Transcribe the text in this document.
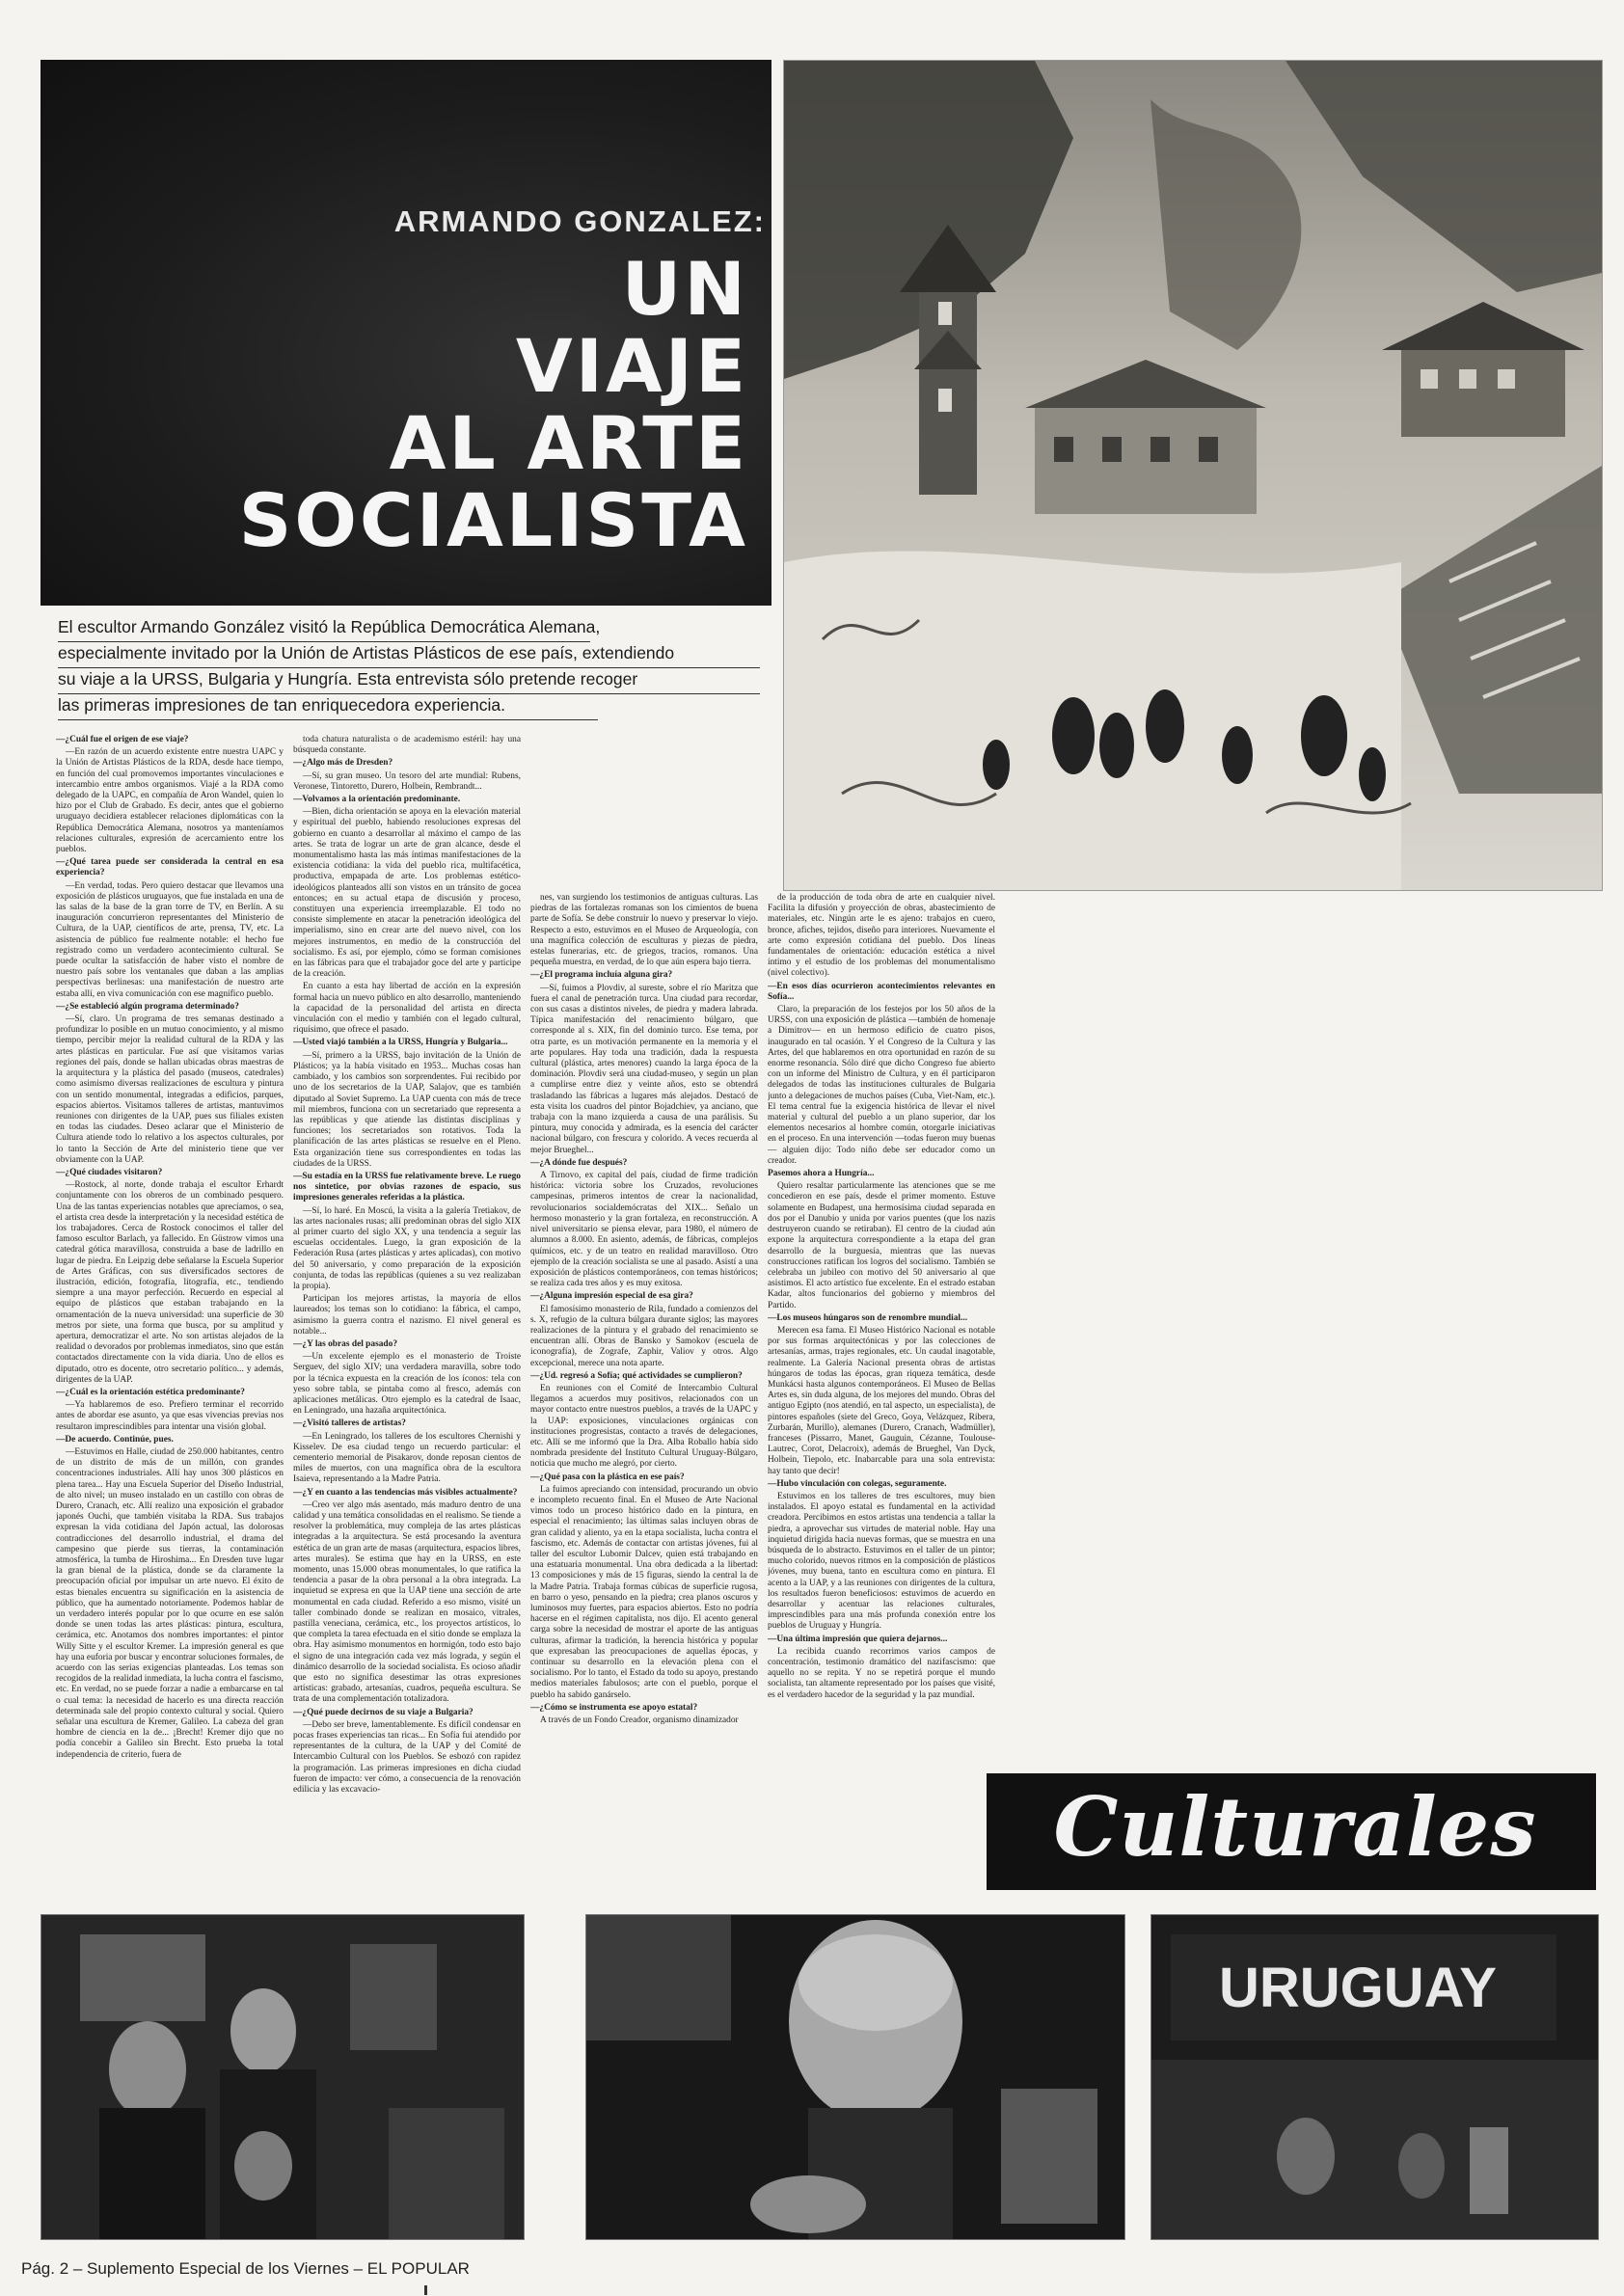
ARMANDO GONZALEZ:
UN
VIAJE
AL ARTE
SOCIALISTA
El escultor Armando González visitó la República Democrática Alemana,
especialmente invitado por la Unión de Artistas Plásticos de ese país, extendiendo
su viaje a la URSS, Bulgaria y Hungría. Esta entrevista sólo pretende recoger
las primeras impresiones de tan enriquecedora experiencia.

—¿Cuál fue el origen de ese viaje?

—En razón de un acuerdo existente entre nuestra UAPC y la Unión de Artistas Plásticos de la RDA, desde hace tiempo, en función del cual promovemos importantes vinculaciones e intercambio entre ambos organismos. Viajé a la RDA como delegado de la UAPC, en compañía de Aron Wandel, quien lo hizo por el Club de Grabado. Es decir, antes que el gobierno uruguayo decidiera establecer relaciones diplomáticas con la República Democrática Alemana, nosotros ya manteníamos relaciones culturales, expresión de acercamiento entre los pueblos.

—¿Qué tarea puede ser considerada la central en esa experiencia?

—En verdad, todas. Pero quiero destacar que llevamos una exposición de plásticos uruguayos, que fue instalada en una de las salas de la base de la gran torre de TV, en Berlín. A su inauguración concurrieron representantes del Ministerio de Cultura, de la UAP, científicos de arte, prensa, TV, etc. La asistencia de público fue realmente notable: el hecho fue registrado como un verdadero acontecimiento cultural. Se puede ocultar la satisfacción de haber visto el nombre de nuestro país sobre los ventanales que daban a las amplias perspectivas berlinesas: una manifestación de nuestro arte estaba allí, en viva comunicación con ese magnífico pueblo.

—¿Se estableció algún programa determinado?

—Sí, claro. Un programa de tres semanas destinado a profundizar lo posible en un mutuo conocimiento, y al mismo tiempo, percibir mejor la realidad cultural de la RDA y las artes plásticas en particular. Fue así que visitamos varias regiones del país, donde se hallan ubicadas obras maestras de la arquitectura y la plástica del pasado (museos, catedrales) como asimismo diversas realizaciones de escultura y pintura con un sentido monumental, integradas a edificios, parques, espacios abiertos. Visitamos talleres de artistas, mantuvimos reuniones con dirigentes de la UAP, pues sus filiales existen en todas las ciudades. Deseo aclarar que el Ministerio de Cultura atiende todo lo relativo a los aspectos culturales, por lo tanto la Sección de Arte del ministerio tiene que ver obviamente con la UAP.

—¿Qué ciudades visitaron?

—Rostock, al norte, donde trabaja el escultor Erhardt conjuntamente con los obreros de un combinado pesquero. Una de las tantas experiencias notables que aprecíamos, o sea, el artista crea desde la interpretación y la necesidad estética de los trabajadores. Cerca de Rostock conocimos el taller del famoso escultor Barlach, ya fallecido. En Güstrow vimos una catedral gótica maravillosa, construida a base de ladrillo en lugar de piedra. En Leipzig debe señalarse la Escuela Superior de Artes Gráficas, con sus diversificados sectores de ilustración, edición, fotografía, litografía, etc., tendiendo siempre a una mayor perfección. Recuerdo en especial al equipo de plásticos que estaban trabajando en la ornamentación de la nueva universidad: una superficie de 30 metros por siete, una forma que busca, por su amplitud y apertura, democratizar el arte. No son artistas alejados de la realidad o devorados por problemas inmediatos, sino que están contactados directamente con la vida diaria. Uno de ellos es diputado, otro es docente, otro secretario político... y además, dirigentes de la UAP.

—¿Cuál es la orientación estética predominante?

—Ya hablaremos de eso. Prefiero terminar el recorrido antes de abordar ese asunto, ya que esas vivencias previas nos resultaron imprescindibles para intentar una visión global.

—De acuerdo. Continúe, pues.

—Estuvimos en Halle, ciudad de 250.000 habitantes, centro de un distrito de más de un millón, con grandes concentraciones industriales. Allí hay unos 300 plásticos en plena tarea... Hay una Escuela Superior del Diseño Industrial, de alto nivel; un museo instalado en un castillo con obras de Durero, Cranach, etc. Allí realizo una exposición el grabador japonés Ouchi, que también visitaba la RDA. Sus trabajos expresan la vida cotidiana del Japón actual, las dolorosas contradicciones del desarrollo industrial, el drama del campesino que pierde sus tierras, la contaminación atmosférica, la tumba de Hiroshima... En Dresden tuve lugar la gran bienal de la plástica, donde se da claramente la preocupación oficial por impulsar un arte nuevo. El éxito de estas bienales encuentra su significación en la asistencia de público, que ha aumentado notoriamente. Podemos hablar de un verdadero interés popular por lo que ocurre en ese salón donde se unen todas las artes plásticas: pintura, escultura, cerámica, etc. Anotamos dos nombres importantes: el pintor Willy Sitte y el escultor Kremer. La impresión general es que hay una euforia por buscar y encontrar soluciones formales, de acuerdo con las serias exigencias planteadas. Los temas son recogidos de la realidad inmediata, la lucha contra el fascismo, etc. En verdad, no se puede forzar a nadie a embarcarse en tal o cual tema: la necesidad de hacerlo es una directa reacción determinada sale del propio contexto cultural y social. Quiero señalar una escultura de Kremer, Galileo. La cabeza del gran hombre de ciencia en la de... ¡Brecht! Kremer dijo que no podía concebir a Galileo sin Brecht. Esto prueba la total independencia de criterio, fuera de

toda chatura naturalista o de academismo estéril: hay una búsqueda constante.

—¿Algo más de Dresden?

—Sí, su gran museo. Un tesoro del arte mundial: Rubens, Veronese, Tintoretto, Durero, Holbein, Rembrandt...

—Volvamos a la orientación predominante.

—Bien, dicha orientación se apoya en la elevación material y espiritual del pueblo, habiendo resoluciones expresas del gobierno en cuanto a desarrollar al máximo el campo de las artes. Se trata de lograr un arte de gran alcance, desde el monumentalismo hasta las más íntimas manifestaciones de la existencia cotidiana: la vida del pueblo rica, multifacética, productiva, empapada de arte. Los problemas estético-ideológicos planteados allí son vistos en un tránsito de gocea entonces; en su actual etapa de discusión y proceso, constituyen una experiencia irreemplazable. El todo no consiste simplemente en atacar la penetración ideológica del imperialismo, sino en crear arte del nuevo nivel, con los mejores instrumentos, en medio de la construcción del socialismo. Es así, por ejemplo, cómo se forman comisiones en las fábricas para que el trabajador goce del arte y participe de la creación.

En cuanto a esta hay libertad de acción en la expresión formal hacia un nuevo público en alto desarrollo, manteniendo la capacidad de la personalidad del artista en directa vinculación con el medio y también con el legado cultural, riquísimo, que ofrece el pasado.

—Usted viajó también a la URSS, Hungría y Bulgaria...

—Sí, primero a la URSS, bajo invitación de la Unión de Plásticos; ya la había visitado en 1953... Muchas cosas han cambiado, y los cambios son sorprendentes. Fui recibido por uno de los secretarios de la UAP, Salajov, que es también diputado al Soviet Supremo. La UAP cuenta con más de trece mil miembros, funciona con un secretariado que representa a las repúblicas y que atiende las distintas disciplinas y funciones; los secretariados son rotativos. Toda la planificación de las artes plásticas se resuelve en el Pleno. Esta organización tiene sus correspondientes en todas las ciudades de la URSS.

—Su estadía en la URSS fue relativamente breve. Le ruego nos sintetice, por obvias razones de espacio, sus impresiones generales referidas a la plástica.

—Sí, lo haré. En Moscú, la visita a la galería Tretiakov, de las artes nacionales rusas; allí predominan obras del siglo XIX al primer cuarto del siglo XX, y una tendencia a seguir las escuelas occidentales. Luego, la gran exposición de la Federación Rusa (artes plásticas y artes aplicadas), con motivo del 50 aniversario, y como preparación de la exposición conjunta, de todas las repúblicas (quienes a su vez realizaban la propia).

Participan los mejores artistas, la mayoría de ellos laureados; los temas son lo cotidiano: la fábrica, el campo, asimismo la guerra contra el nazismo. El nivel general es notable...

—¿Y las obras del pasado?

—Un excelente ejemplo es el monasterio de Troiste Serguev, del siglo XIV; una verdadera maravilla, sobre todo por la técnica expuesta en la creación de los íconos: tela con yeso sobre tabla, se pintaba como al fresco, además con aplicaciones metálicas. Otro ejemplo es la catedral de Isaac, en Leningrado, una hazaña arquitectónica.

—¿Visitó talleres de artistas?

—En Leningrado, los talleres de los escultores Chernishi y Kisselev. De esa ciudad tengo un recuerdo particular: el cementerio memorial de Pisakarov, donde reposan cientos de miles de muertos, con una magnífica obra de la escultora Isaieva, representando a la Madre Patria.

—¿Y en cuanto a las tendencias más visibles actualmente?

—Creo ver algo más asentado, más maduro dentro de una calidad y una temática consolidadas en el realismo. Se tiende a resolver la problemática, muy compleja de las artes plásticas integradas a la arquitectura. Se está procesando la aventura estética de un gran arte de masas (arquitectura, espacios libres, artes murales). Se estima que hay en la URSS, en este momento, unas 15.000 obras monumentales, lo que ratifica la tendencia a pasar de la obra personal a la obra integrada. La inquietud se expresa en que la UAP tiene una sección de arte monumental en cada ciudad. Referido a eso mismo, visité un taller combinado donde se realizan en mosaico, vitrales, pastilla veneciana, cerámica, etc., los proyectos artísticos, lo que completa la tarea efectuada en el sitio donde se emplaza la obra. Hay asimismo monumentos en hormigón, todo esto bajo el signo de una integración cada vez más lograda, y según el dinámico desarrollo de la sociedad socialista. Es ocioso añadir que esto no significa desestimar las otras expresiones artísticas: grabado, artesanías, cuadros, pequeña escultura. Se trata de una complementación totalizadora.

—¿Qué puede decirnos de su viaje a Bulgaria?

—Debo ser breve, lamentablemente. Es difícil condensar en pocas frases experiencias tan ricas... En Sofía fui atendido por representantes de la cultura, de la UAP y del Comité de Intercambio Cultural con los Pueblos. Se esbozó con rapidez la programación. Las primeras impresiones en dicha ciudad fueron de impacto: ver cómo, a consecuencia de la renovación edilicia y las excavacio-

nes, van surgiendo los testimonios de antiguas culturas. Las piedras de las fortalezas romanas son los cimientos de buena parte de Sofía. Se debe construir lo nuevo y preservar lo viejo. Respecto a esto, estuvimos en el Museo de Arqueología, con una magnífica colección de esculturas y piezas de piedra, estelas funerarias, etc. de griegos, tracios, romanos. Una pequeña muestra, en verdad, de lo que aún espera bajo tierra.

—¿El programa incluía alguna gira?

—Sí, fuimos a Plovdiv, al sureste, sobre el río Maritza que fuera el canal de penetración turca. Una ciudad para recordar, con sus casas a distintos niveles, de piedra y madera labrada. Típica manifestación del renacimiento búlgaro, que corresponde al s. XIX, fin del dominio turco. Ese tema, por otra parte, es un motivación permanente en la memoria y el arte populares. Hay toda una tradición, dada la respuesta cultural (plástica, artes menores) cuando la larga época de la dominación. Plovdiv será una ciudad-museo, y según un plan a cumplirse entre diez y veinte años, esto se obtendrá trasladando las fábricas a lugares más alejados. Destacó de esta visita los cuadros del pintor Bojadchiev, ya anciano, que trabaja con la mano izquierda a causa de una parálisis. Su pintura, muy conocida y admirada, es la esencia del carácter nacional búlgaro, con frescura y colorido. A veces recuerda al mejor Brueghel...

—¿A dónde fue después?

A Tirnovo, ex capital del país, ciudad de firme tradición histórica: victoria sobre los Cruzados, revoluciones campesinas, primeros intentos de crear la nacionalidad, revolucionarios socialdemócratas del XIX... Señalo un hermoso monasterio y la gran fortaleza, en reconstrucción. A nivel universitario se piensa elevar, para 1980, el número de alumnos a 8.000. En asiento, además, de fábricas, complejos químicos, etc. y de un teatro en realidad maravilloso. Otro ejemplo de la creación socialista se une al pasado. Asistí a una exposición de plásticos contemporáneos, con temas históricos; se realiza cada tres años y es muy exitosa.

—¿Alguna impresión especial de esa gira?

El famosísimo monasterio de Rila, fundado a comienzos del s. X, refugio de la cultura búlgara durante siglos; las mayores realizaciones de la pintura y el grabado del renacimiento se encuentran allí. Obras de Bansko y Samokov (escuela de iconografía), de Zografe, Zaphir, Valiov y otros. Algo excepcional, merece una nota aparte.

—¿Ud. regresó a Sofía; qué actividades se cumplieron?

En reuniones con el Comité de Intercambio Cultural llegamos a acuerdos muy positivos, relacionados con un mayor contacto entre nuestros pueblos, a través de la UAPC y la UAP: exposiciones, vinculaciones orgánicas con instituciones progresistas, contacto a través de delegaciones, etc. Allí se me informó que la Dra. Alba Roballo había sido nombrada presidente del Instituto Cultural Uruguay-Búlgaro, noticia que mucho me alegró, por cierto.

—¿Qué pasa con la plástica en ese país?

La fuimos apreciando con intensidad, procurando un obvio e incompleto recuento final. En el Museo de Arte Nacional vimos todo un proceso histórico dado en la pintura, en especial el renacimiento; las últimas salas incluyen obras de gran calidad y aliento, ya en la etapa socialista, lucha contra el fascismo, etc. Además de contactar con artistas jóvenes, fui al taller del escultor Lubomir Dalcev, quien está trabajando en una estatuaria monumental. Una obra dedicada a la libertad: 13 composiciones y más de 15 figuras, siendo la central la de la Madre Patria. Trabaja formas cúbicas de superficie rugosa, en barro o yeso, pensando en la piedra; crea planos oscuros y luminosos muy fuertes, para espacios abiertos. Esto no podría hacerse en el régimen capitalista, nos dijo. El acento general carga sobre la necesidad de mostrar el aporte de las antiguas culturas, afirmar la tradición, la herencia histórica y popular que expresaban las preocupaciones de aquellas épocas, y continuar su desarrollo en la elevación plena con el socialismo. Por lo tanto, el Estado da todo su apoyo, prestando medios materiales fabulosos; arte con el pueblo, porque el pueblo ha sabido ganárselo.

—¿Cómo se instrumenta ese apoyo estatal?

A través de un Fondo Creador, organismo dinamizador

de la producción de toda obra de arte en cualquier nivel. Facilita la difusión y proyección de obras, abastecimiento de materiales, etc. Ningún arte le es ajeno: trabajos en cuero, bronce, afiches, tejidos, diseño para interiores. Nuevamente el arte como expresión cotidiana del pueblo. Dos líneas fundamentales de orientación: educación estética a nivel íntimo y el estudio de los problemas del monumentalismo (nivel colectivo).

—En esos días ocurrieron acontecimientos relevantes en Sofía...

Claro, la preparación de los festejos por los 50 años de la URSS, con una exposición de plástica —también de homenaje a Dimitrov— en un hermoso edificio de cuatro pisos, inaugurado en tal ocasión. Y el Congreso de la Cultura y las Artes, del que hablaremos en otra oportunidad en razón de su enorme resonancia. Sólo diré que dicho Congreso fue abierto con un informe del Ministro de Cultura, y en él participaron delegados de todas las instituciones culturales de Bulgaria junto a delegaciones de muchos países (Cuba, Viet-Nam, etc.). El tema central fue la exigencia histórica de llevar el nivel material y cultural del pueblo a un plano superior, dar los elementos necesarios al hombre común, otorgarle iniciativas en el proceso. En una intervención —todas fueron muy buenas— alguien dijo: Todo niño debe ser educador como un creador.

Pasemos ahora a Hungría...

Quiero resaltar particularmente las atenciones que se me concedieron en ese país, desde el primer momento. Estuve solamente en Budapest, una hermosísima ciudad separada en dos por el Danubio y unida por varios puentes (que los nazis destruyeron cuando se retiraban). El centro de la ciudad aún expone la arquitectura correspondiente a la etapa del gran desarrollo de la burguesía, mientras que las nuevas construcciones ratifican los logros del socialismo. También se celebraba un jubileo con motivo del 50 aniversario al que asistimos. El acto artístico fue excelente. En el estrado estaban Kadar, altos funcionarios del gobierno y miembros del Partido.

—Los museos húngaros son de renombre mundial...

Merecen esa fama. El Museo Histórico Nacional es notable por sus formas arquitectónicas y por las colecciones de artesanías, armas, trajes regionales, etc. Un caudal inagotable, realmente. La Galería Nacional presenta obras de artistas húngaros de todas las épocas, gran riqueza temática, desde Munkácsi hasta algunos contemporáneos. El Museo de Bellas Artes es, sin duda alguna, de los mejores del mundo. Obras del antiguo Egipto (nos atendió, en tal aspecto, un especialista), de pintores españoles (siete del Greco, Goya, Velázquez, Ribera, Zurbarán, Murillo), alemanes (Durero, Cranach, Wadmüller), franceses (Pissarro, Manet, Gauguin, Cézanne, Toulouse-Lautrec, Corot, Delacroix), además de Brueghel, Van Dyck, Holbein, Tiepolo, etc. Inabarcable para una sola entrevista: hay tanto que decir!

—Hubo vinculación con colegas, seguramente.

Estuvimos en los talleres de tres escultores, muy bien instalados. El apoyo estatal es fundamental en la actividad creadora. Percibimos en estos artistas una tendencia a tallar la piedra, a aprovechar sus virtudes de material noble. Hay una inquietud dirigida hacia nuevas formas, que se muestra en una búsqueda de lo abstracto. Estuvimos en el taller de un pintor; mucho colorido, nuevos ritmos en la composición de plásticos jóvenes, muy buena, tanto en escultura como en pintura. El acento a la UAP, y a las reuniones con dirigentes de la cultura, los resultados fueron beneficiosos: estuvimos de acuerdo en desarrollar y acentuar las relaciones culturales, imprescindibles para una más profunda conexión entre los pueblos de Uruguay y Hungría.

—Una última impresión que quiera dejarnos...

La recibida cuando recorrimos varios campos de concentración, testimonio dramático del nazifascismo: que aquello no se repita. Y no se repetirá porque el mundo socialista, tan altamente representado por los países que visité, es el verdadero hacedor de la seguridad y la paz mundial.

Culturales
URUGUAY
Pág. 2 – Suplemento Especial de los Viernes – EL POPULAR
